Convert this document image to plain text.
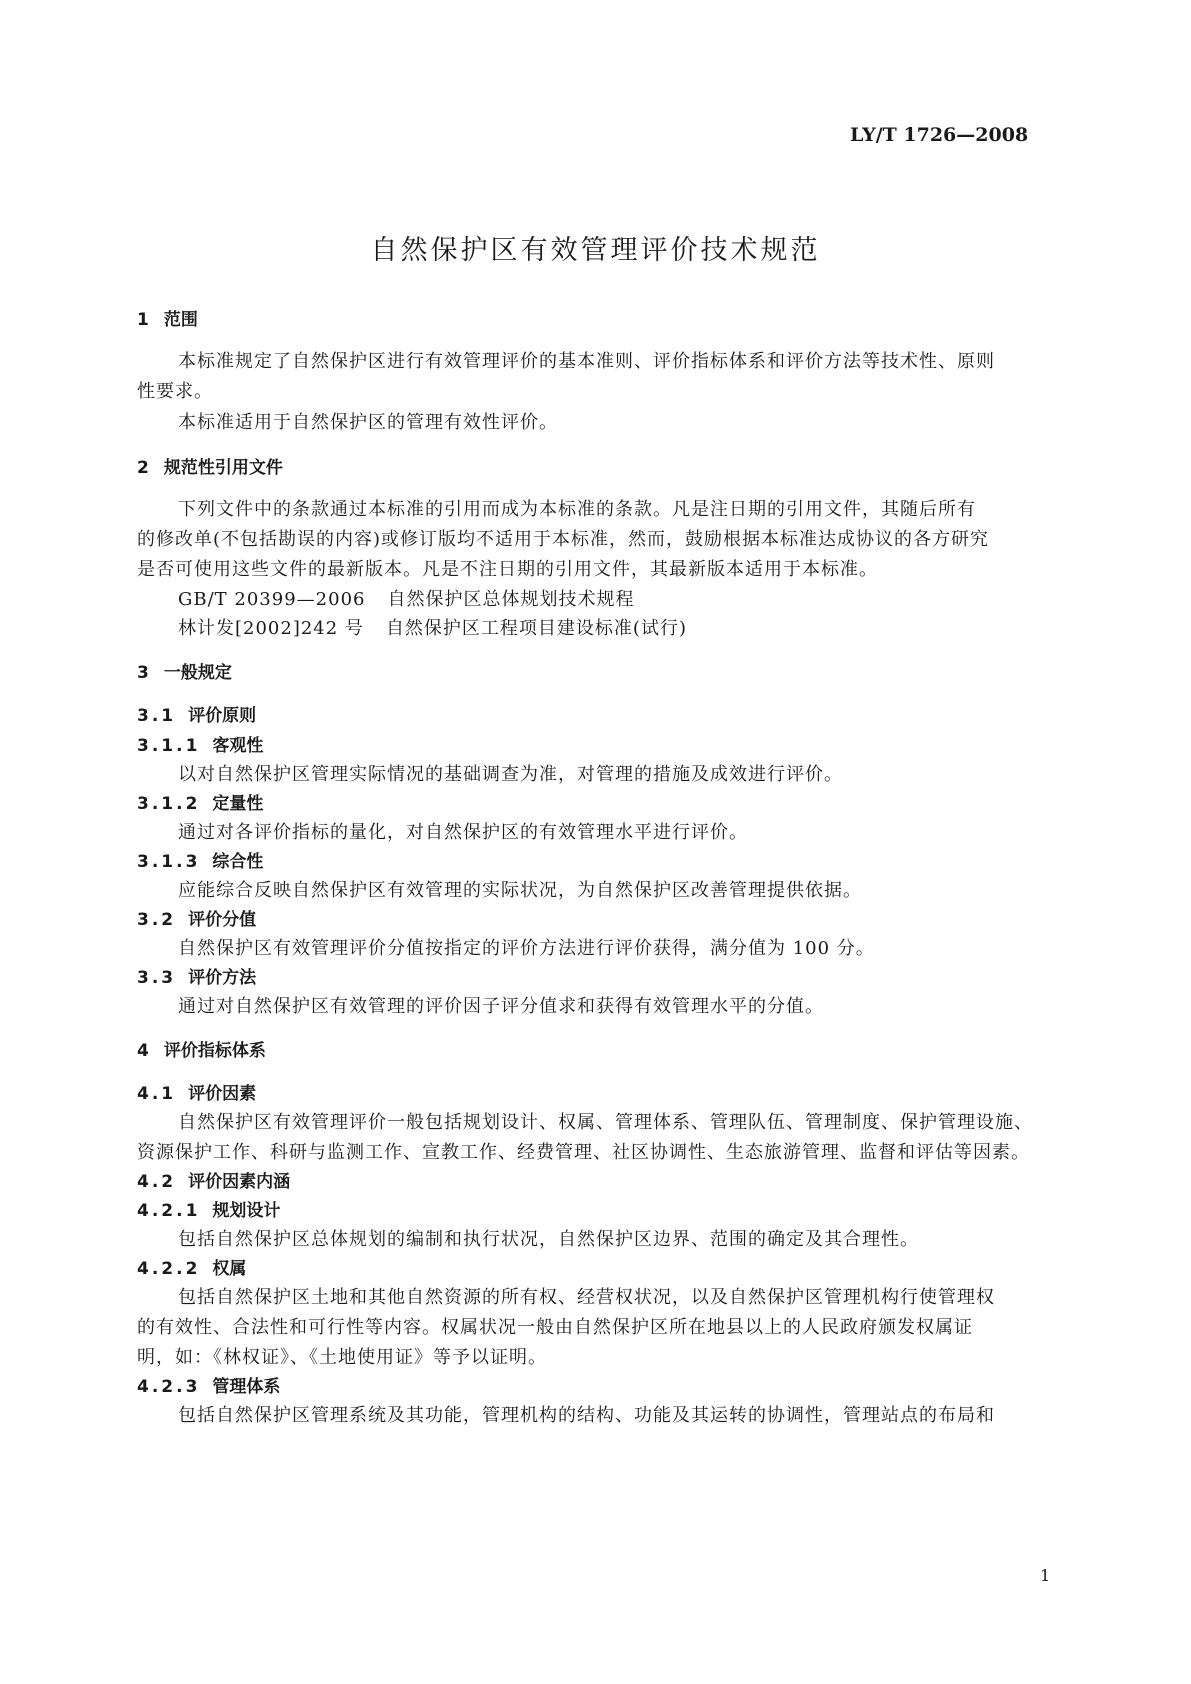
LY/T 1726—2008
自然保护区有效管理评价技术规范
1 范围
本标准规定了自然保护区进行有效管理评价的基本准则、评价指标体系和评价方法等技术性、原则
性要求。
本标准适用于自然保护区的管理有效性评价。
2 规范性引用文件
下列文件中的条款通过本标准的引用而成为本标准的条款。凡是注日期的引用文件，其随后所有
的修改单(不包括勘误的内容)或修订版均不适用于本标准，然而，鼓励根据本标准达成协议的各方研究
是否可使用这些文件的最新版本。凡是不注日期的引用文件，其最新版本适用于本标准。
GB/T 20399—2006 自然保护区总体规划技术规程
林计发[2002]242 号 自然保护区工程项目建设标准(试行)
3 一般规定
3.1 评价原则
3.1.1 客观性
以对自然保护区管理实际情况的基础调查为准，对管理的措施及成效进行评价。
3.1.2 定量性
通过对各评价指标的量化，对自然保护区的有效管理水平进行评价。
3.1.3 综合性
应能综合反映自然保护区有效管理的实际状况，为自然保护区改善管理提供依据。
3.2 评价分值
自然保护区有效管理评价分值按指定的评价方法进行评价获得，满分值为 100 分。
3.3 评价方法
通过对自然保护区有效管理的评价因子评分值求和获得有效管理水平的分值。
4 评价指标体系
4.1 评价因素
自然保护区有效管理评价一般包括规划设计、权属、管理体系、管理队伍、管理制度、保护管理设施、
资源保护工作、科研与监测工作、宣教工作、经费管理、社区协调性、生态旅游管理、监督和评估等因素。
4.2 评价因素内涵
4.2.1 规划设计
包括自然保护区总体规划的编制和执行状况，自然保护区边界、范围的确定及其合理性。
4.2.2 权属
包括自然保护区土地和其他自然资源的所有权、经营权状况，以及自然保护区管理机构行使管理权
的有效性、合法性和可行性等内容。权属状况一般由自然保护区所在地县以上的人民政府颁发权属证
明，如：《林权证》、《土地使用证》等予以证明。
4.2.3 管理体系
包括自然保护区管理系统及其功能，管理机构的结构、功能及其运转的协调性，管理站点的布局和
1
